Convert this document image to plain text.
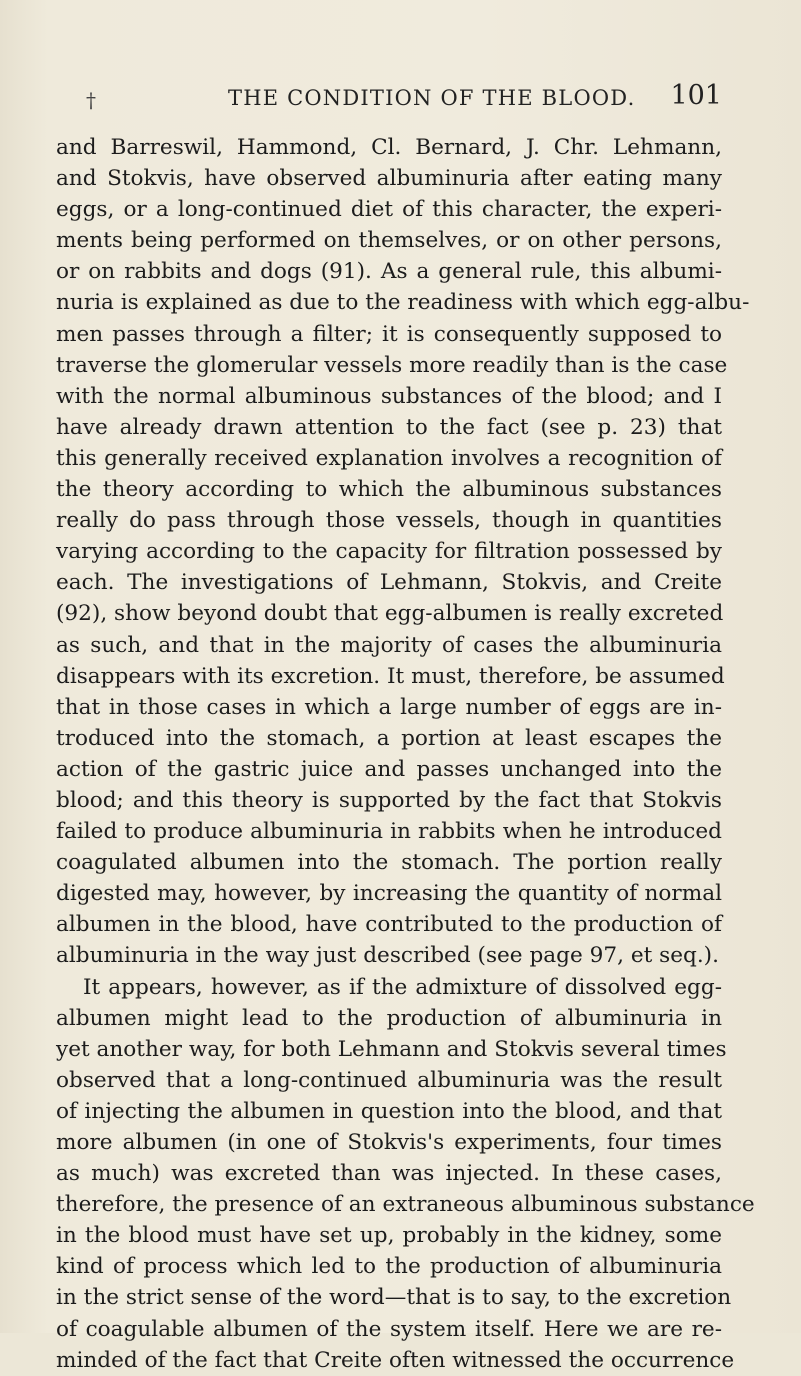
†	THE CONDITION OF THE BLOOD. 101
and Barreswil, Hammond, Cl. Bernard, J. Chr. Lehmann,
and Stokvis, have observed albuminuria after eating many
eggs, or a long-continued diet of this character, the experi-
ments being performed on themselves, or on other persons,
or on rabbits and dogs (91). As a general rule, this albumi-
nuria is explained as due to the readiness with which egg-albu-
men passes through a filter; it is consequently supposed to
traverse the glomerular vessels more readily than is the case
with the normal albuminous substances of the blood; and I
have already drawn attention to the fact (see p. 23) that
this generally received explanation involves a recognition of
the theory according to which the albuminous substances
really do pass through those vessels, though in quantities
varying according to the capacity for filtration possessed by
each. The investigations of Lehmann, Stokvis, and Creite
(92), show beyond doubt that egg-albumen is really excreted
as such, and that in the majority of cases the albuminuria
disappears with its excretion. It must, therefore, be assumed
that in those cases in which a large number of eggs are in-
troduced into the stomach, a portion at least escapes the
action of the gastric juice and passes unchanged into the
blood; and this theory is supported by the fact that Stokvis
failed to produce albuminuria in rabbits when he introduced
coagulated albumen into the stomach. The portion really
digested may, however, by increasing the quantity of normal
albumen in the blood, have contributed to the production of
albuminuria in the way just described (see page 97, et seq.).
It appears, however, as if the admixture of dissolved egg-
albumen might lead to the production of albuminuria in
yet another way, for both Lehmann and Stokvis several times
observed that a long-continued albuminuria was the result
of injecting the albumen in question into the blood, and that
more albumen (in one of Stokvis's experiments, four times
as much) was excreted than was injected. In these cases,
therefore, the presence of an extraneous albuminous substance
in the blood must have set up, probably in the kidney, some
kind of process which led to the production of albuminuria
in the strict sense of the word—that is to say, to the excretion
of coagulable albumen of the system itself. Here we are re-
minded of the fact that Creite often witnessed the occurrence
